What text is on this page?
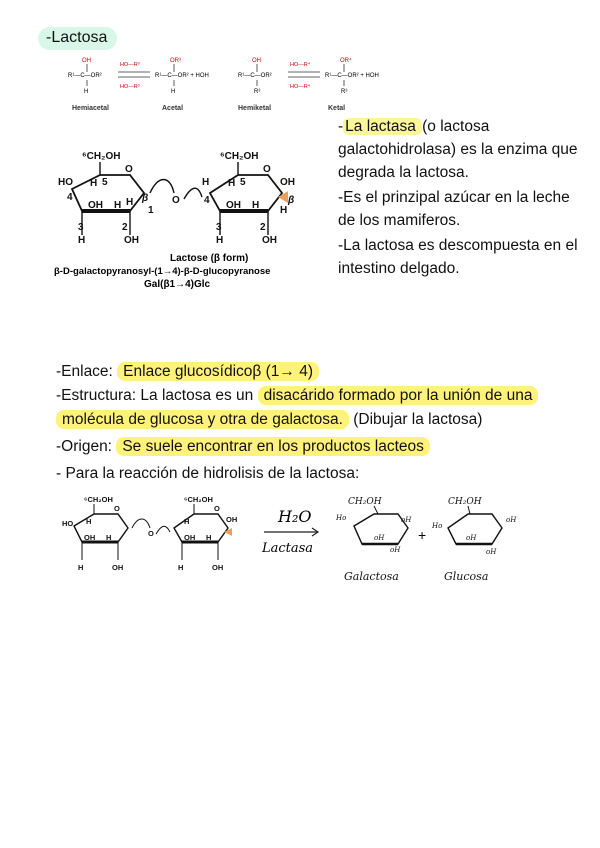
-Lactosa
OH
R¹—C—OR²
H
HO—R³
HO—R³
OR³
R¹—C—OR² + HOH
H
OH
R¹—C—OR²
R³
HO—R⁴
HO—R⁴
OR⁴
R¹—C—OR² + HOH
R³
Hemiacetal	Acetal	Hemiketal	Ketal
⁶CH₂OH
O
HO
4
H 5
OH H
β
1
3	2
H	OH
H	O
⁶CH₂OH
O
H
4
H 5
OH H
OH
β
H
3	2
H	OH
Lactose (β form)
β-D-galactopyranosyl-(1→4)-β-D-glucopyranose
Gal(β1→4)Glc

- La lactasa (o lactosa galactohidrolasa) es la enzima que degrada la lactosa.

-Es el prinzipal azúcar en la leche de los mamiferos.

-La lactosa es descompuesta en el intestino delgado.

-Enlace: Enlace glucosídicoβ (1→ 4)
-Estructura: La lactosa es un disacárido formado por la unión de una
molécula de glucosa y otra de galactosa. (Dibujar la lactosa)
-Origen: Se suele encontrar en los productos lacteos
- Para la reacción de hidrolisis de la lactosa:
⁶CH₂OH
O
HO H
OH H
H	OH
O
⁶CH₂OH
O
H
OH H
OH
H	OH
H₂O
Lactasa
CH₂OH
Ho	oH
oH
oH
Galactosa
+
CH₂OH
Ho
oH
oH
oH
Glucosa
